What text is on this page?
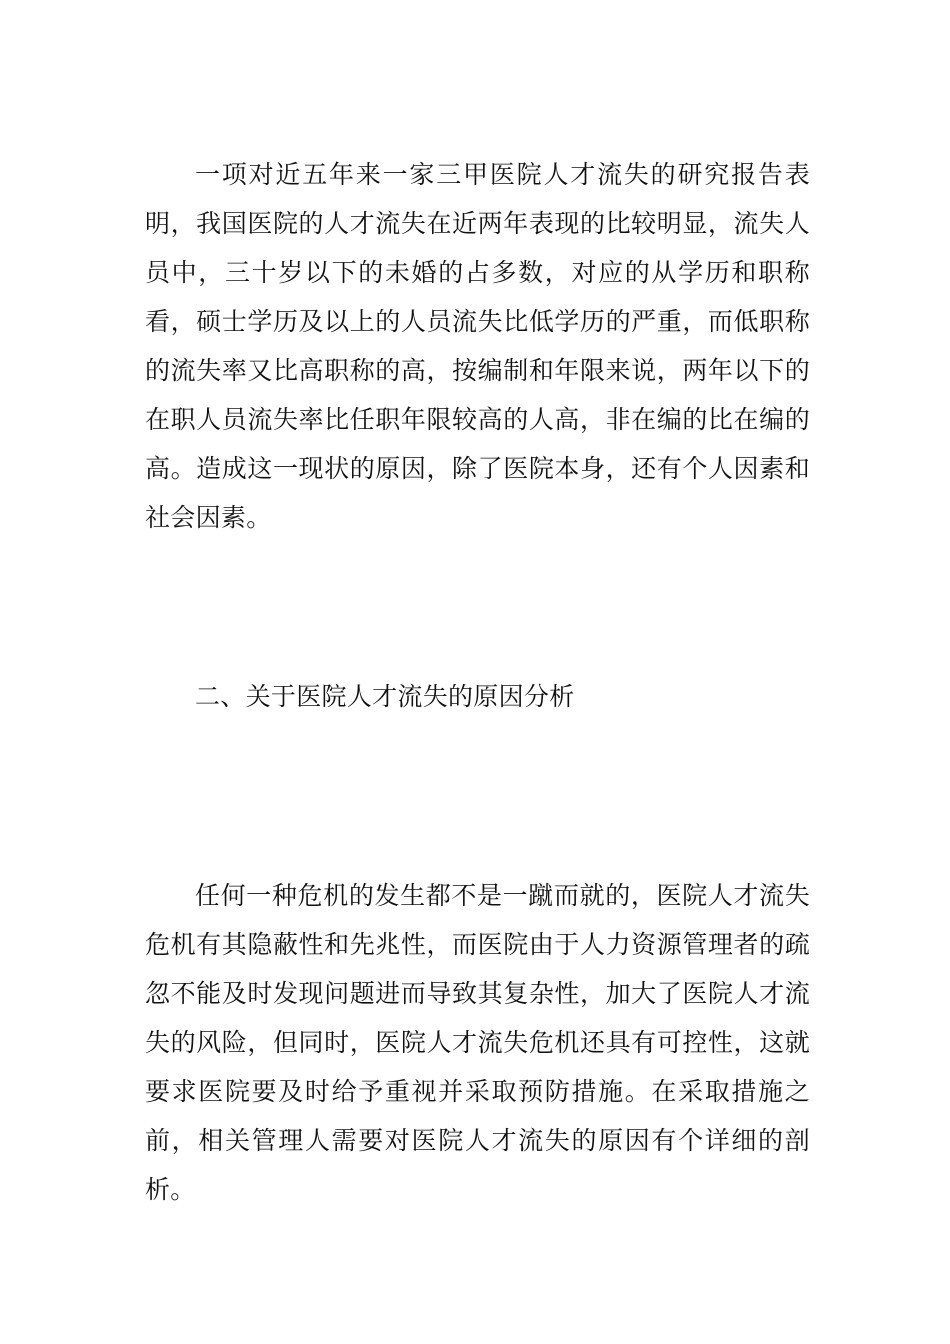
一项对近五年来一家三甲医院人才流失的研究报告表明，我国医院的人才流失在近两年表现的比较明显，流失人员中，三十岁以下的未婚的占多数，对应的从学历和职称看，硕士学历及以上的人员流失比低学历的严重，而低职称的流失率又比高职称的高，按编制和年限来说，两年以下的在职人员流失率比任职年限较高的人高，非在编的比在编的高。造成这一现状的原因，除了医院本身，还有个人因素和社会因素。

二、关于医院人才流失的原因分析

任何一种危机的发生都不是一蹴而就的，医院人才流失危机有其隐蔽性和先兆性，而医院由于人力资源管理者的疏忽不能及时发现问题进而导致其复杂性，加大了医院人才流失的风险，但同时，医院人才流失危机还具有可控性，这就要求医院要及时给予重视并采取预防措施。在采取措施之前，相关管理人需要对医院人才流失的原因有个详细的剖析。
